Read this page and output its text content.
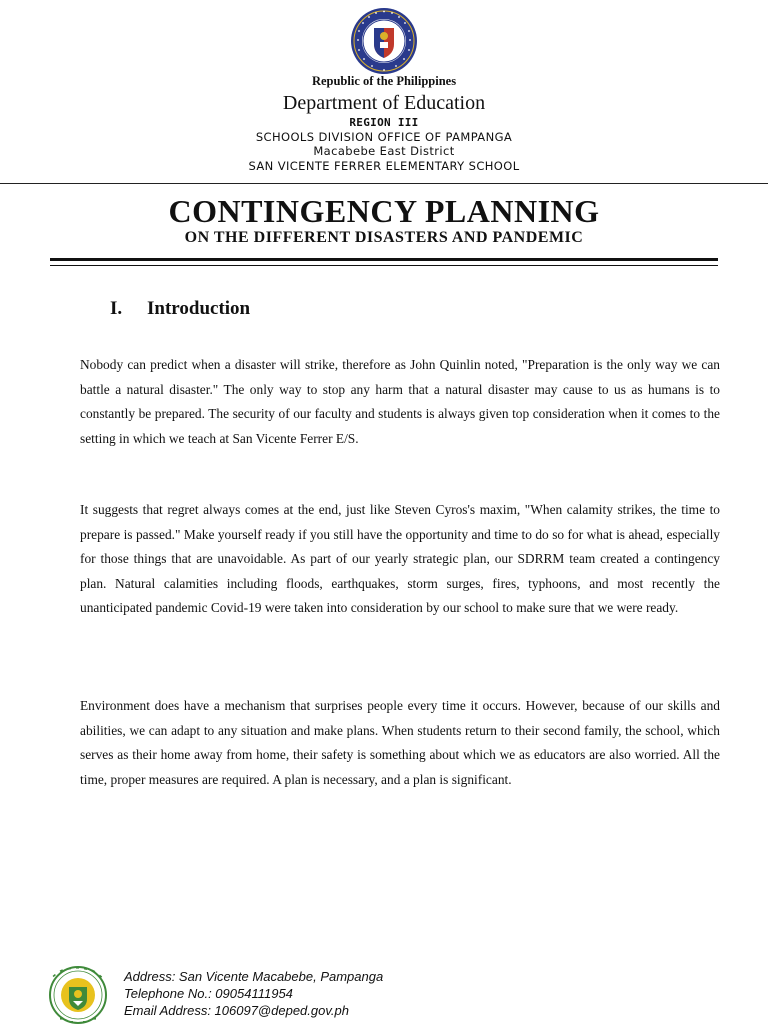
Republic of the Philippines
Department of Education
REGION III
SCHOOLS DIVISION OFFICE OF PAMPANGA
Macabebe East District
SAN VICENTE FERRER ELEMENTARY SCHOOL
CONTINGENCY PLANNING
ON THE DIFFERENT DISASTERS AND PANDEMIC
I. Introduction

Nobody can predict when a disaster will strike, therefore as John Quinlin noted, "Preparation is the only way we can battle a natural disaster." The only way to stop any harm that a natural disaster may cause to us as humans is to constantly be prepared. The security of our faculty and students is always given top consideration when it comes to the setting in which we teach at San Vicente Ferrer E/S.

It suggests that regret always comes at the end, just like Steven Cyros's maxim, "When calamity strikes, the time to prepare is passed." Make yourself ready if you still have the opportunity and time to do so for what is ahead, especially for those things that are unavoidable. As part of our yearly strategic plan, our SDRRM team created a contingency plan. Natural calamities including floods, earthquakes, storm surges, fires, typhoons, and most recently the unanticipated pandemic Covid-19 were taken into consideration by our school to make sure that we were ready.

Environment does have a mechanism that surprises people every time it occurs. However, because of our skills and abilities, we can adapt to any situation and make plans. When students return to their second family, the school, which serves as their home away from home, their safety is something about which we as educators are also worried. All the time, proper measures are required. A plan is necessary, and a plan is significant.

Address: San Vicente Macabebe, Pampanga
Telephone No.: 09054111954
Email Address: 106097@deped.gov.ph
